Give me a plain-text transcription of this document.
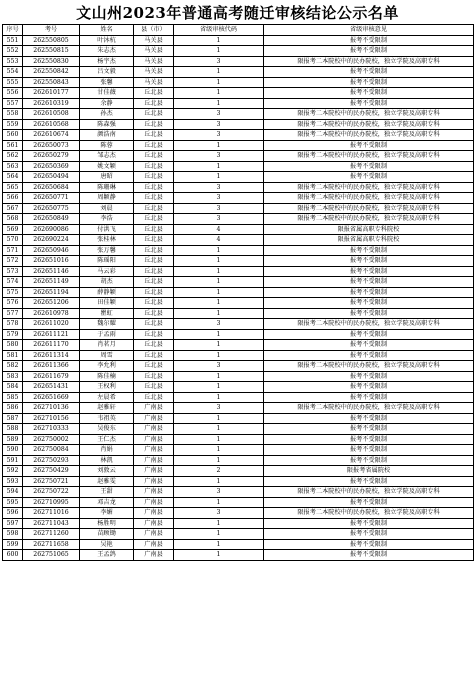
文山州2023年普通高考随迁审核结论公示名单
序号	考号	姓名	县（市）	省级审核代码	省级审核意见
551	262550805	叶沐杭	马关县	1	报考不受限制
552	262550815	朱志杰	马关县	1	报考不受限制
553	262550830	杨宇杰	马关县	3	限报考二本院校中的民办院校，独立学院及高职专科
554	262550842	吕文毅	马关县	1	报考不受限制
555	262550843	张馨	马关县	1	报考不受限制
556	262610177	甘佳薇	丘北县	1	报考不受限制
557	262610319	余静	丘北县	1	报考不受限制
558	262610508	孙杰	丘北县	3	限报考二本院校中的民办院校，独立学院及高职专科
559	262610568	陈森强	丘北县	3	限报考二本院校中的民办院校，独立学院及高职专科
560	262610674	颜浩南	丘北县	3	限报考二本院校中的民办院校，独立学院及高职专科
561	262650073	陈蓉	丘北县	1	报考不受限制
562	262650279	邹志杰	丘北县	3	限报考二本院校中的民办院校，独立学院及高职专科
563	262650369	姚文颖	丘北县	1	报考不受限制
564	262650494	唐昭	丘北县	1	报考不受限制
565	262650684	陈珊琳	丘北县	3	限报考二本院校中的民办院校，独立学院及高职专科
566	262650771	周颖静	丘北县	3	限报考二本院校中的民办院校，独立学院及高职专科
567	262650775	刘晨	丘北县	3	限报考二本院校中的民办院校，独立学院及高职专科
568	262650849	李浩	丘北县	3	限报考二本院校中的民办院校，独立学院及高职专科
569	262690086	付洪飞	丘北县	4	限报省属高职专科院校
570	262690224	张桂林	丘北县	4	限报省属高职专科院校
571	262650946	张万馨	丘北县	1	报考不受限制
572	262651016	陈瑶阳	丘北县	1	报考不受限制
573	262651146	马云彩	丘北县	1	报考不受限制
574	262651149	胡杰	丘北县	1	报考不受限制
575	262651194	薛静颖	丘北县	1	报考不受限制
576	262651206	田佳颖	丘北县	1	报考不受限制
577	262610978	瞿虹	丘北县	1	报考不受限制
578	262611020	魏尔耀	丘北县	3	限报考二本院校中的民办院校，独立学院及高职专科
579	262611121	于孟雨	丘北县	1	报考不受限制
580	262611170	肖茗月	丘北县	1	报考不受限制
581	262611314	周雪	丘北县	1	报考不受限制
582	262611366	李允利	丘北县	3	限报考二本院校中的民办院校，独立学院及高职专科
583	262611679	陈佳楠	丘北县	1	报考不受限制
584	262651431	王权利	丘北县	1	报考不受限制
585	262651669	左晨希	丘北县	1	报考不受限制
586	262710136	赵雅轩	广南县	3	限报考二本院校中的民办院校，独立学院及高职专科
587	262710156	韦祖英	广南县	1	报考不受限制
588	262710333	吴俊东	广南县	1	报考不受限制
589	262750002	王仁杰	广南县	1	报考不受限制
590	262750084	肖娟	广南县	1	报考不受限制
591	262750293	林凯	广南县	1	报考不受限制
592	262750429	刘敦云	广南县	2	限报考省属院校
593	262750721	赵雅雯	广南县	1	报考不受限制
594	262750722	王甜	广南县	3	限报考二本院校中的民办院校，独立学院及高职专科
595	262710995	邓吉龙	广南县	1	报考不受限制
596	262711016	李媚	广南县	3	限报考二本院校中的民办院校，独立学院及高职专科
597	262711043	杨胜明	广南县	1	报考不受限制
598	262711260	苗顾锄	广南县	1	报考不受限制
599	262711658	吴艳	广南县	1	报考不受限制
600	262751065	王孟鸽	广南县	1	报考不受限制
